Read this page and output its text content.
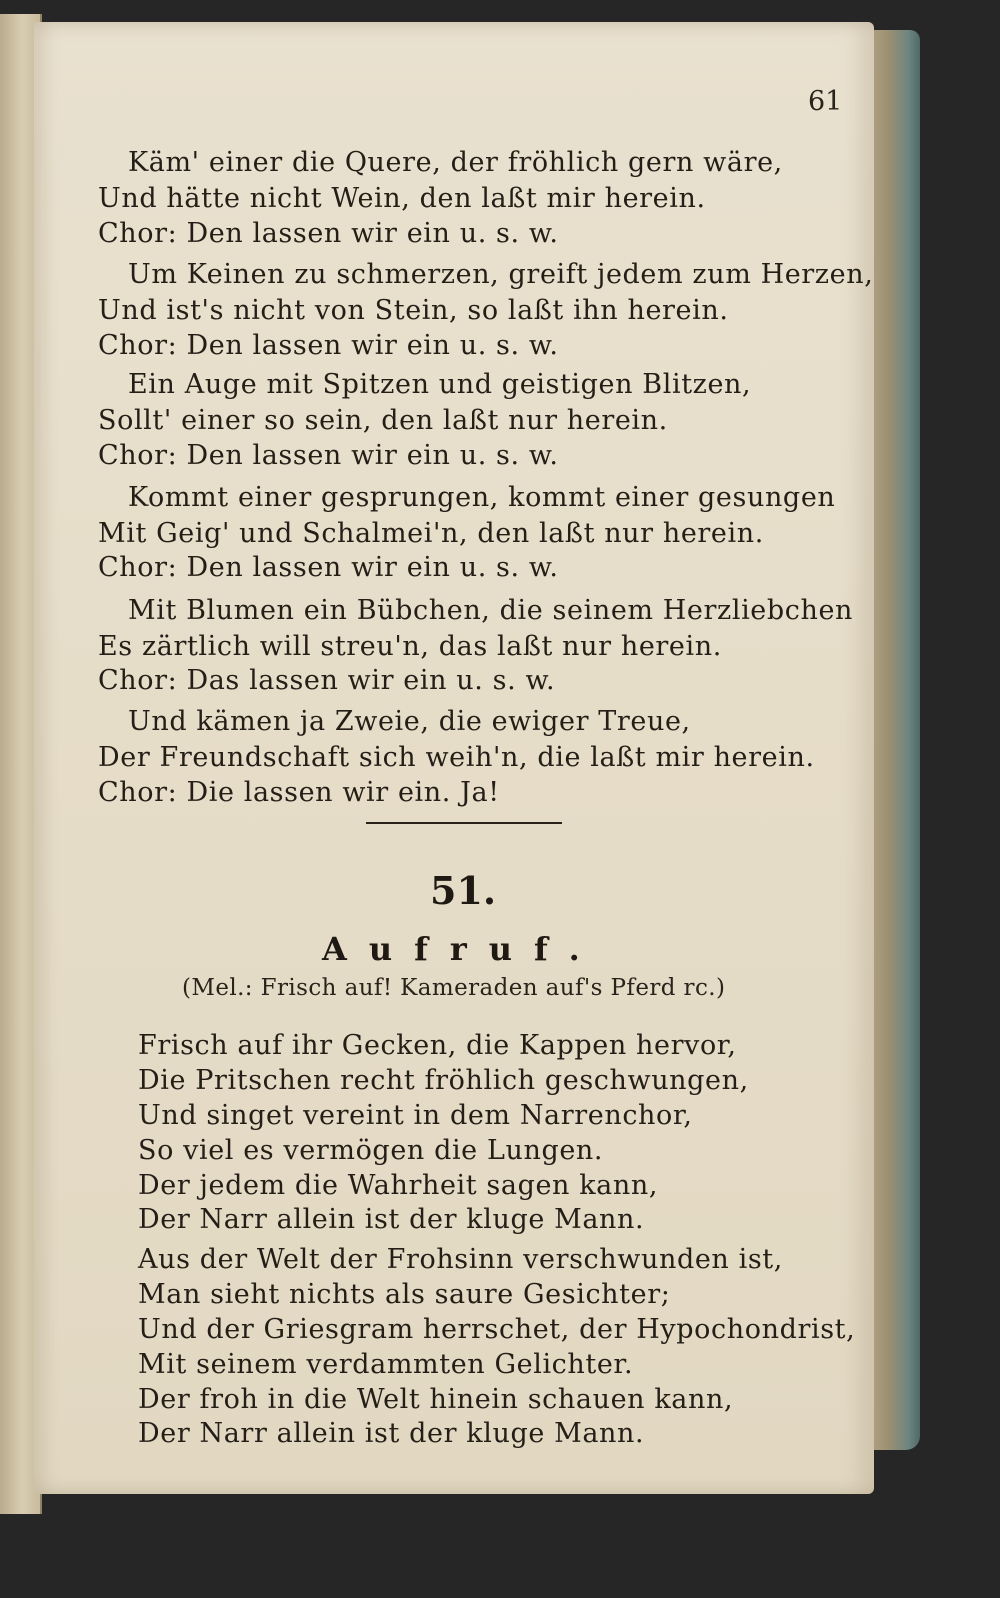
61
Käm' einer die Quere, der fröhlich gern wäre,
Und hätte nicht Wein, den laßt mir herein.
Chor: Den lassen wir ein u. s. w.
Um Keinen zu schmerzen, greift jedem zum Herzen,
Und ist's nicht von Stein, so laßt ihn herein.
Chor: Den lassen wir ein u. s. w.
Ein Auge mit Spitzen und geistigen Blitzen,
Sollt' einer so sein, den laßt nur herein.
Chor: Den lassen wir ein u. s. w.
Kommt einer gesprungen, kommt einer gesungen
Mit Geig' und Schalmei'n, den laßt nur herein.
Chor: Den lassen wir ein u. s. w.
Mit Blumen ein Bübchen, die seinem Herzliebchen
Es zärtlich will streu'n, das laßt nur herein.
Chor: Das lassen wir ein u. s. w.
Und kämen ja Zweie, die ewiger Treue,
Der Freundschaft sich weih'n, die laßt mir herein.
Chor: Die lassen wir ein. Ja!
51.
Aufruf.
(Mel.: Frisch auf! Kameraden auf's Pferd rc.)
Frisch auf ihr Gecken, die Kappen hervor,
Die Pritschen recht fröhlich geschwungen,
Und singet vereint in dem Narrenchor,
So viel es vermögen die Lungen.
Der jedem die Wahrheit sagen kann,
Der Narr allein ist der kluge Mann.
Aus der Welt der Frohsinn verschwunden ist,
Man sieht nichts als saure Gesichter;
Und der Griesgram herrschet, der Hypochondrist,
Mit seinem verdammten Gelichter.
Der froh in die Welt hinein schauen kann,
Der Narr allein ist der kluge Mann.
